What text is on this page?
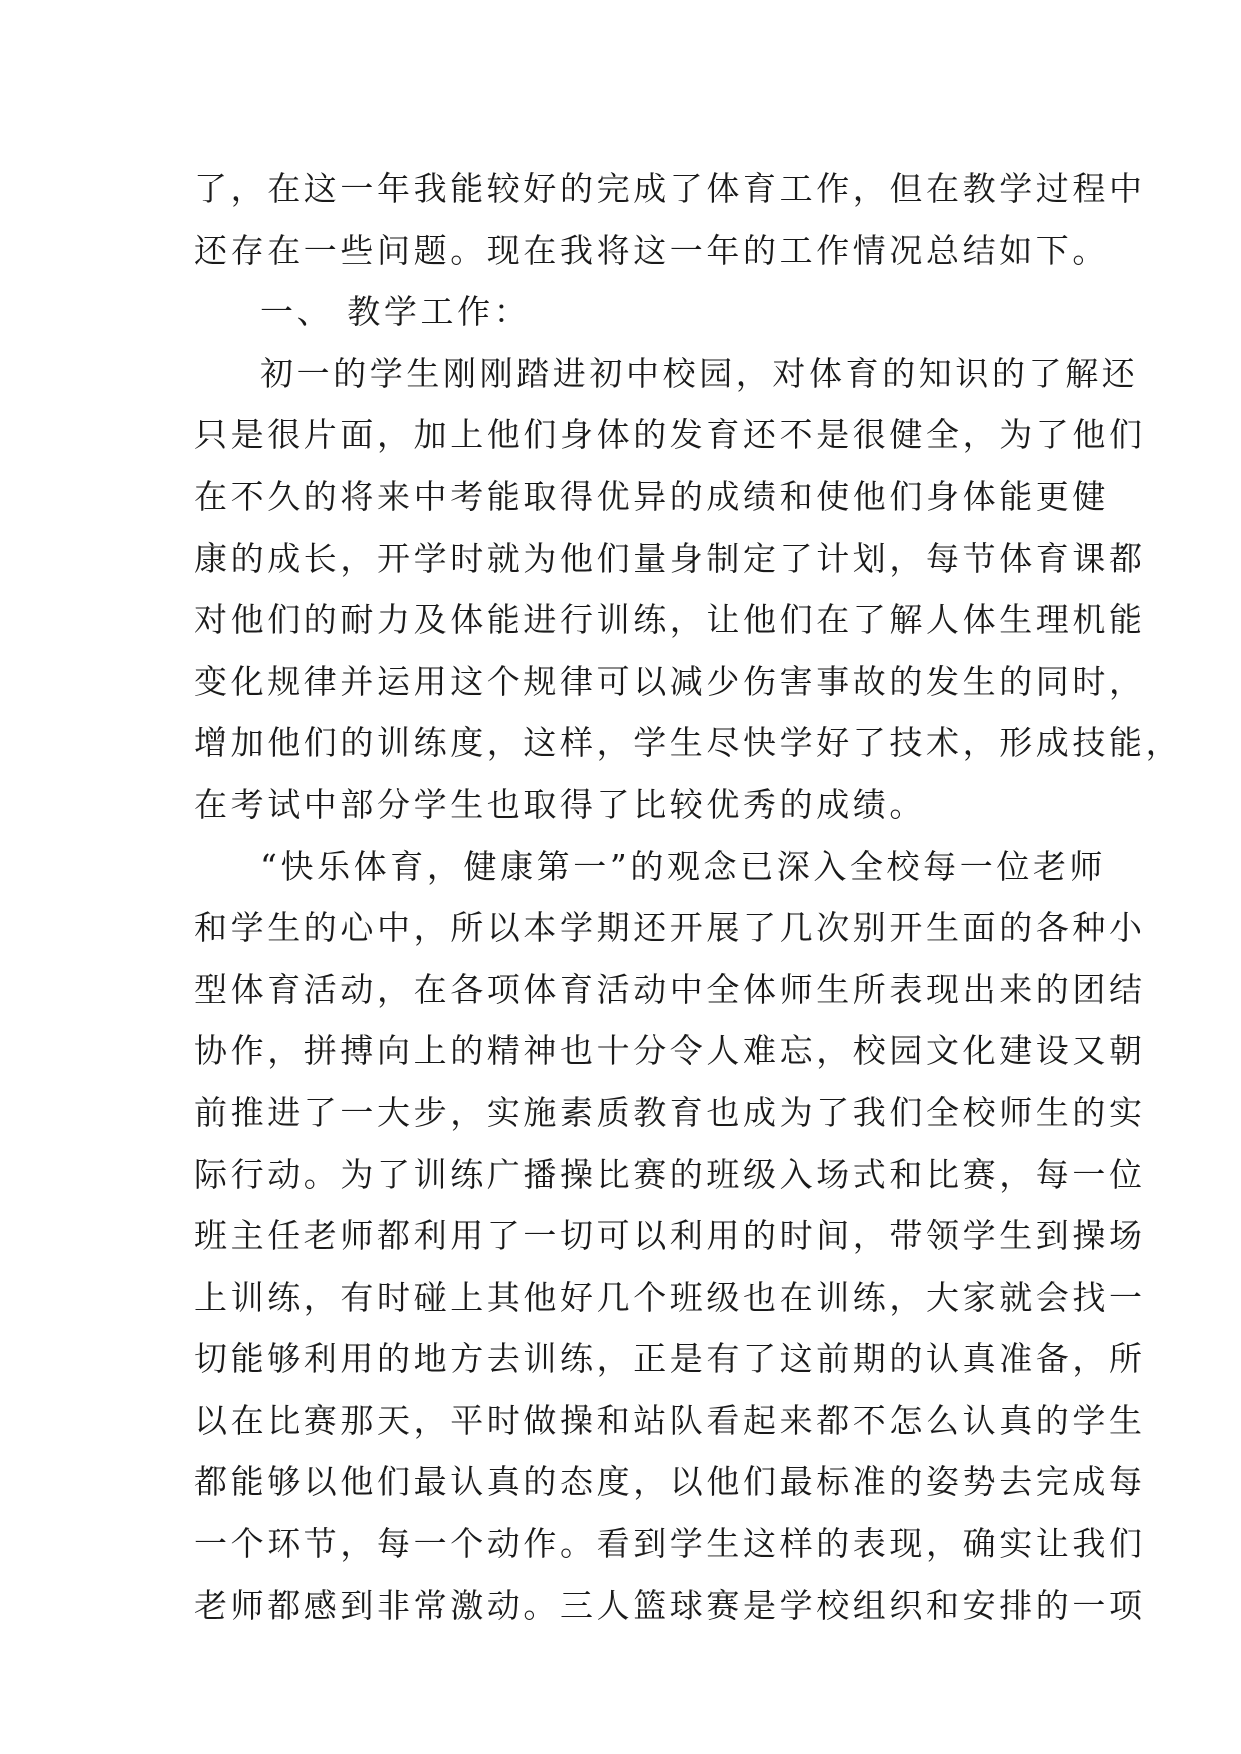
了，在这一年我能较好的完成了体育工作，但在教学过程中
还存在一些问题。现在我将这一年的工作情况总结如下。
一、 教学工作：
初一的学生刚刚踏进初中校园，对体育的知识的了解还
只是很片面，加上他们身体的发育还不是很健全，为了他们
在不久的将来中考能取得优异的成绩和使他们身体能更健
康的成长，开学时就为他们量身制定了计划，每节体育课都
对他们的耐力及体能进行训练，让他们在了解人体生理机能
变化规律并运用这个规律可以减少伤害事故的发生的同时，
增加他们的训练度，这样，学生尽快学好了技术，形成技能，
在考试中部分学生也取得了比较优秀的成绩。
“快乐体育，健康第一”的观念已深入全校每一位老师
和学生的心中，所以本学期还开展了几次别开生面的各种小
型体育活动，在各项体育活动中全体师生所表现出来的团结
协作，拼搏向上的精神也十分令人难忘，校园文化建设又朝
前推进了一大步，实施素质教育也成为了我们全校师生的实
际行动。为了训练广播操比赛的班级入场式和比赛，每一位
班主任老师都利用了一切可以利用的时间，带领学生到操场
上训练，有时碰上其他好几个班级也在训练，大家就会找一
切能够利用的地方去训练，正是有了这前期的认真准备，所
以在比赛那天，平时做操和站队看起来都不怎么认真的学生
都能够以他们最认真的态度，以他们最标准的姿势去完成每
一个环节，每一个动作。看到学生这样的表现，确实让我们
老师都感到非常激动。三人篮球赛是学校组织和安排的一项
